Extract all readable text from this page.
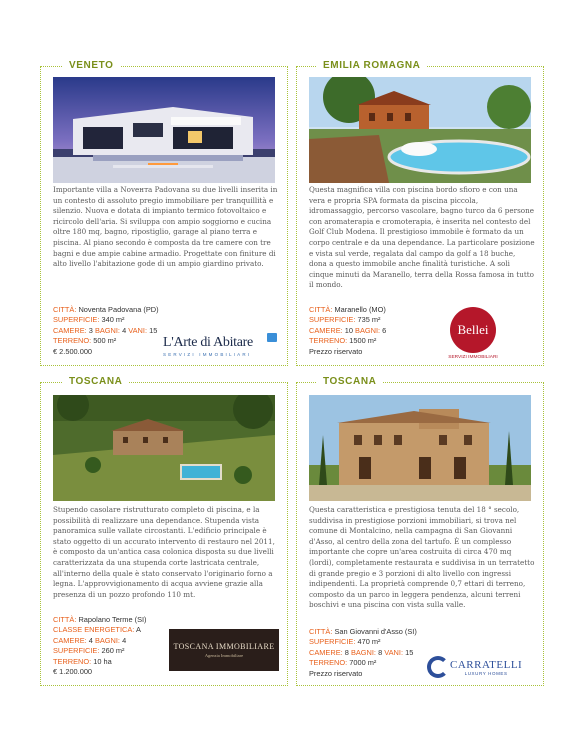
VENETO
Importante villa a Novента Padovana su due livelli inserita in un contesto di assoluto pregio immobiliare per tranquillità e silenzio. Nuova e dotata di impianto termico fotovoltaico e ricircolo dell'aria. Si sviluppa con ampio soggiorno e cucina oltre 180 mq, bagno, ripostiglio, garage al piano terra e piscina. Al piano secondo è composta da tre camere con tre bagni e due ampie cabine armadio. Progettate con finiture di alto livello l'abitazione gode di un ampio giardino privato.
CITTÀ: Noventa Padovana (PD)
SUPERFICIE: 340 m²
CAMERE: 3 BAGNI: 4 VANI: 15
TERRENO: 500 m²
€ 2.500.000
L'Arte di Abitare
SERVIZI IMMOBILIARI
EMILIA ROMAGNA
Questa magnifica villa con piscina bordo sfioro e con una vera e propria SPA formata da piscina piccola, idromassaggio, percorso vascolare, bagno turco da 6 persone con aromaterapia e cromoterapia, è inserita nel contesto del Golf Club Modena. Il prestigioso immobile è formato da un corpo centrale e da una dependance. La particolare posizione e vista sul verde, regalata dal campo da golf a 18 buche, dona a questo immobile anche finalità turistiche. A soli cinque minuti da Maranello, terra della Rossa famosa in tutto il mondo.
CITTÀ: Maranello (MO)
SUPERFICIE: 735 m²
CAMERE: 10 BAGNI: 6
TERRENO: 1500 m²
Prezzo riservato
Bellei
SERVIZI IMMOBILIARI
TOSCANA
Stupendo casolare ristrutturato completo di piscina, e la possibilità di realizzare una dependance. Stupenda vista panoramica sulle vallate circostanti. L'edificio principale è stato oggetto di un accurato intervento di restauro nel 2011, è composto da un'antica casa colonica disposta su due livelli caratterizzata da una stupenda corte lastricata centrale, all'interno della quale è stato conservato l'originario forno a legna. L'approvvigionamento di acqua avviene grazie alla presenza di un pozzo profondo 110 mt.
CITTÀ: Rapolano Terme (SI)
CLASSE ENERGETICA: A
CAMERE: 4 BAGNI: 4
SUPERFICIE: 260 m²
TERRENO: 10 ha
€ 1.200.000
TOSCANA IMMOBILIARE
Agenzia Immobiliare
TOSCANA
Questa caratteristica e prestigiosa tenuta del 18 ° secolo, suddivisa in prestigiose porzioni immobiliari, si trova nel comune di Montalcino, nella campagna di San Giovanni d'Asso, al centro della zona del tartufo. È un complesso importante che copre un'area costruita di circa 470 mq (lordi), completamente restaurata e suddivisa in un terratetto di grande pregio e 3 porzioni di alto livello con ingressi indipendenti. La proprietà comprende 0,7 ettari di terreno, composto da un parco in leggera pendenza, alcuni terreni boschivi e una piscina con vista sulla valle.
CITTÀ: San Giovanni d'Asso (SI)
SUPERFICIE: 470 m²
CAMERE: 8 BAGNI: 8 VANI: 15
TERRENO: 7000 m²
Prezzo riservato
CARRATELLI
LUXURY HOMES
